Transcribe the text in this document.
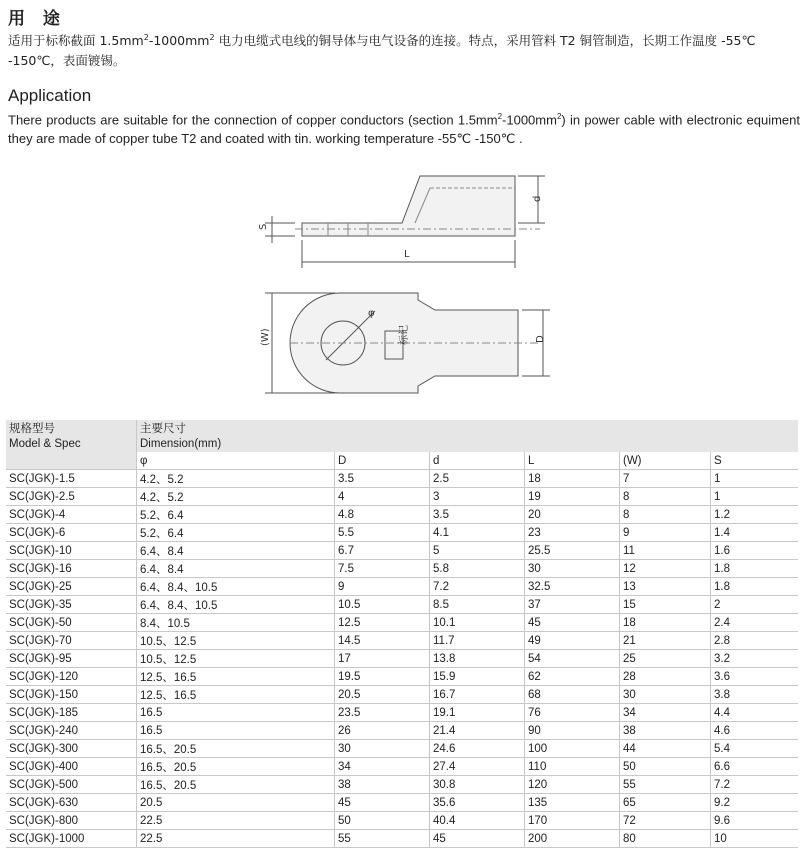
用 途
适用于标称截面 $1.5mm^2-1000mm^2$ 电力电缆式电线的铜导体与电气设备的连接。特点，采用管料 T2 铜管制造，长期工作温度 -55℃ -150℃，表面镀锡。
Application
There products are suitable for the connection of copper conductors (section $1.5mm^2-1000mm^2$) in power cable with electronic equiment they are made of copper tube T2 and coated with tin. working temperature -55℃ -150℃ .
S
L
d
(W)	D
φ
标记
规格型号	主要尺寸					
Model & Spec	Dimension(mm)					
	φ	D	d	L	(W)	S
SC(JGK)-1.5	4.2、5.2	3.5	2.5	18	7	1
SC(JGK)-2.5	4.2、5.2	4	3	19	8	1
SC(JGK)-4	5.2、6.4	4.8	3.5	20	8	1.2
SC(JGK)-6	5.2、6.4	5.5	4.1	23	9	1.4
SC(JGK)-10	6.4、8.4	6.7	5	25.5	11	1.6
SC(JGK)-16	6.4、8.4	7.5	5.8	30	12	1.8
SC(JGK)-25	6.4、8.4、10.5	9	7.2	32.5	13	1.8
SC(JGK)-35	6.4、8.4、10.5	10.5	8.5	37	15	2
SC(JGK)-50	8.4、10.5	12.5	10.1	45	18	2.4
SC(JGK)-70	10.5、12.5	14.5	11.7	49	21	2.8
SC(JGK)-95	10.5、12.5	17	13.8	54	25	3.2
SC(JGK)-120	12.5、16.5	19.5	15.9	62	28	3.6
SC(JGK)-150	12.5、16.5	20.5	16.7	68	30	3.8
SC(JGK)-185	16.5	23.5	19.1	76	34	4.4
SC(JGK)-240	16.5	26	21.4	90	38	4.6
SC(JGK)-300	16.5、20.5	30	24.6	100	44	5.4
SC(JGK)-400	16.5、20.5	34	27.4	110	50	6.6
SC(JGK)-500	16.5、20.5	38	30.8	120	55	7.2
SC(JGK)-630	20.5	45	35.6	135	65	9.2
SC(JGK)-800	22.5	50	40.4	170	72	9.6
SC(JGK)-1000	22.5	55	45	200	80	10
